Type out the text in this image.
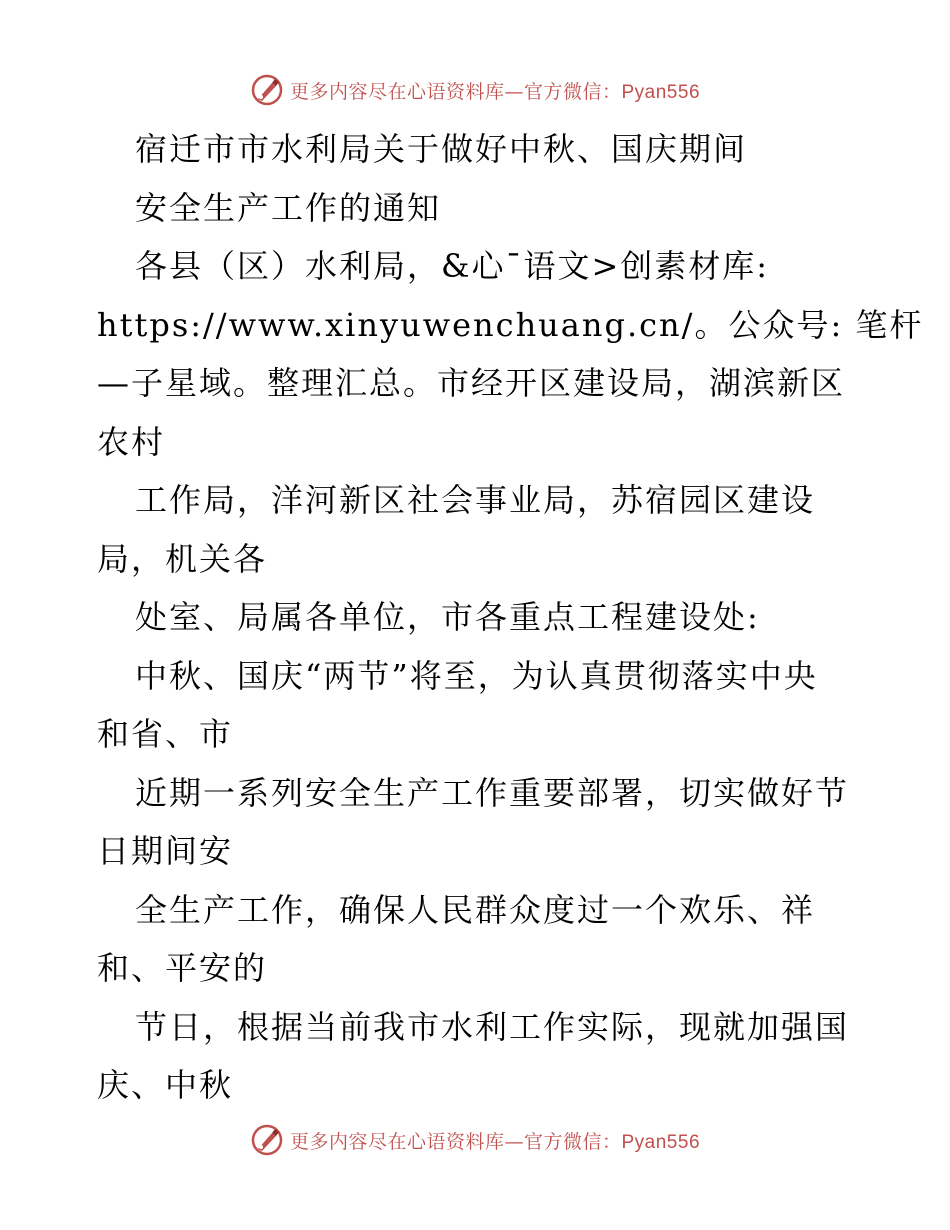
更多内容尽在心语资料库—官方微信：Pyan556
宿迁市市水利局关于做好中秋、国庆期间
安全生产工作的通知
各县（区）水利局，&心¯语文>创素材库:
https://www.xinyuwenchuang.cn/。公众号: 笔杆
—子星域。整理汇总。市经开区建设局，湖滨新区
农村
工作局，洋河新区社会事业局，苏宿园区建设
局，机关各
处室、局属各单位，市各重点工程建设处:
中秋、国庆“两节”将至，为认真贯彻落实中央
和省、市
近期一系列安全生产工作重要部署，切实做好节
日期间安
全生产工作，确保人民群众度过一个欢乐、祥
和、平安的
节日，根据当前我市水利工作实际，现就加强国
庆、中秋
更多内容尽在心语资料库—官方微信：Pyan556
